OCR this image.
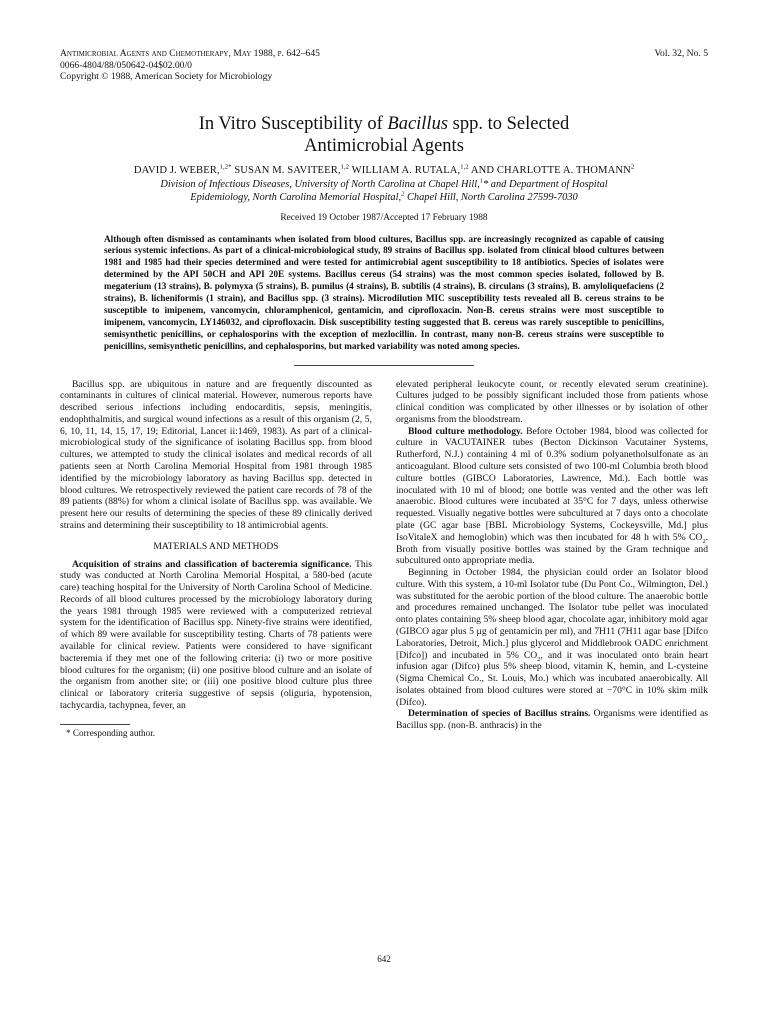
Antimicrobial Agents and Chemotherapy, May 1988, p. 642–645
0066-4804/88/050642-04$02.00/0
Copyright © 1988, American Society for Microbiology
Vol. 32, No. 5
In Vitro Susceptibility of Bacillus spp. to Selected
Antimicrobial Agents
DAVID J. WEBER,$^{1,2*}$ SUSAN M. SAVITEER,$^{1,2}$ WILLIAM A. RUTALA,$^{1,2}$ AND CHARLOTTE A. THOMANN$^2$
Division of Infectious Diseases, University of North Carolina at Chapel Hill,$^1$* and Department of Hospital
Epidemiology, North Carolina Memorial Hospital,$^2$ Chapel Hill, North Carolina 27599-7030
Received 19 October 1987/Accepted 17 February 1988
Although often dismissed as contaminants when isolated from blood cultures, Bacillus spp. are increasingly recognized as capable of causing serious systemic infections. As part of a clinical-microbiological study, 89 strains of Bacillus spp. isolated from clinical blood cultures between 1981 and 1985 had their species determined and were tested for antimicrobial agent susceptibility to 18 antibiotics. Species of isolates were determined by the API 50CH and API 20E systems. Bacillus cereus (54 strains) was the most common species isolated, followed by B. megaterium (13 strains), B. polymyxa (5 strains), B. pumilus (4 strains), B. subtilis (4 strains), B. circulans (3 strains), B. amyloliquefaciens (2 strains), B. licheniformis (1 strain), and Bacillus spp. (3 strains). Microdilution MIC susceptibility tests revealed all B. cereus strains to be susceptible to imipenem, vancomycin, chloramphenicol, gentamicin, and ciprofloxacin. Non-B. cereus strains were most susceptible to imipenem, vancomycin, LY146032, and ciprofloxacin. Disk susceptibility testing suggested that B. cereus was rarely susceptible to penicillins, semisynthetic penicillins, or cephalosporins with the exception of mezlocillin. In contrast, many non-B. cereus strains were susceptible to penicillins, semisynthetic penicillins, and cephalosporins, but marked variability was noted among species.

Bacillus spp. are ubiquitous in nature and are frequently discounted as contaminants in cultures of clinical material. However, numerous reports have described serious infections including endocarditis, sepsis, meningitis, endophthalmitis, and surgical wound infections as a result of this organism (2, 5, 6, 10, 11, 14, 15, 17, 19; Editorial, Lancet ii:1469, 1983). As part of a clinical-microbiological study of the significance of isolating Bacillus spp. from blood cultures, we attempted to study the clinical isolates and medical records of all patients seen at North Carolina Memorial Hospital from 1981 through 1985 identified by the microbiology laboratory as having Bacillus spp. detected in blood cultures. We retrospectively reviewed the patient care records of 78 of the 89 patients (88%) for whom a clinical isolate of Bacillus spp. was available. We present here our results of determining the species of these 89 clinically derived strains and determining their susceptibility to 18 antimicrobial agents.

MATERIALS AND METHODS

Acquisition of strains and classification of bacteremia significance. This study was conducted at North Carolina Memorial Hospital, a 580-bed (acute care) teaching hospital for the University of North Carolina School of Medicine. Records of all blood cultures processed by the microbiology laboratory during the years 1981 through 1985 were reviewed with a computerized retrieval system for the identification of Bacillus spp. Ninety-five strains were identified, of which 89 were available for susceptibility testing. Charts of 78 patients were available for clinical review. Patients were considered to have significant bacteremia if they met one of the following criteria: (i) two or more positive blood cultures for the organism; (ii) one positive blood culture and an isolate of the organism from another site; or (iii) one positive blood culture plus three clinical or laboratory criteria suggestive of sepsis (oliguria, hypotension, tachycardia, tachypnea, fever, an

* Corresponding author.

elevated peripheral leukocyte count, or recently elevated serum creatinine). Cultures judged to be possibly significant included those from patients whose clinical condition was complicated by other illnesses or by isolation of other organisms from the bloodstream.

Blood culture methodology. Before October 1984, blood was collected for culture in VACUTAINER tubes (Becton Dickinson Vacutainer Systems, Rutherford, N.J.) containing 4 ml of 0.3% sodium polyanetholsulfonate as an anticoagulant. Blood culture sets consisted of two 100-ml Columbia broth blood culture bottles (GIBCO Laboratories, Lawrence, Md.). Each bottle was inoculated with 10 ml of blood; one bottle was vented and the other was left anaerobic. Blood cultures were incubated at 35°C for 7 days, unless otherwise requested. Visually negative bottles were subcultured at 7 days onto a chocolate plate (GC agar base [BBL Microbiology Systems, Cockeysville, Md.] plus IsoVitaleX and hemoglobin) which was then incubated for 48 h with 5% $CO_2$. Broth from visually positive bottles was stained by the Gram technique and subcultured onto appropriate media.

Beginning in October 1984, the physician could order an Isolator blood culture. With this system, a 10-ml Isolator tube (Du Pont Co., Wilmington, Del.) was substituted for the aerobic portion of the blood culture. The anaerobic bottle and procedures remained unchanged. The Isolator tube pellet was inoculated onto plates containing 5% sheep blood agar, chocolate agar, inhibitory mold agar (GIBCO agar plus 5 µg of gentamicin per ml), and 7H11 (7H11 agar base [Difco Laboratories, Detroit, Mich.] plus glycerol and Middlebrook OADC enrichment [Difco]) and incubated in 5% $CO_2$, and it was inoculated onto brain heart infusion agar (Difco) plus 5% sheep blood, vitamin K, hemin, and L-cysteine (Sigma Chemical Co., St. Louis, Mo.) which was incubated anaerobically. All isolates obtained from blood cultures were stored at −70°C in 10% skim milk (Difco).

Determination of species of Bacillus strains. Organisms were identified as Bacillus spp. (non-B. anthracis) in the

642
